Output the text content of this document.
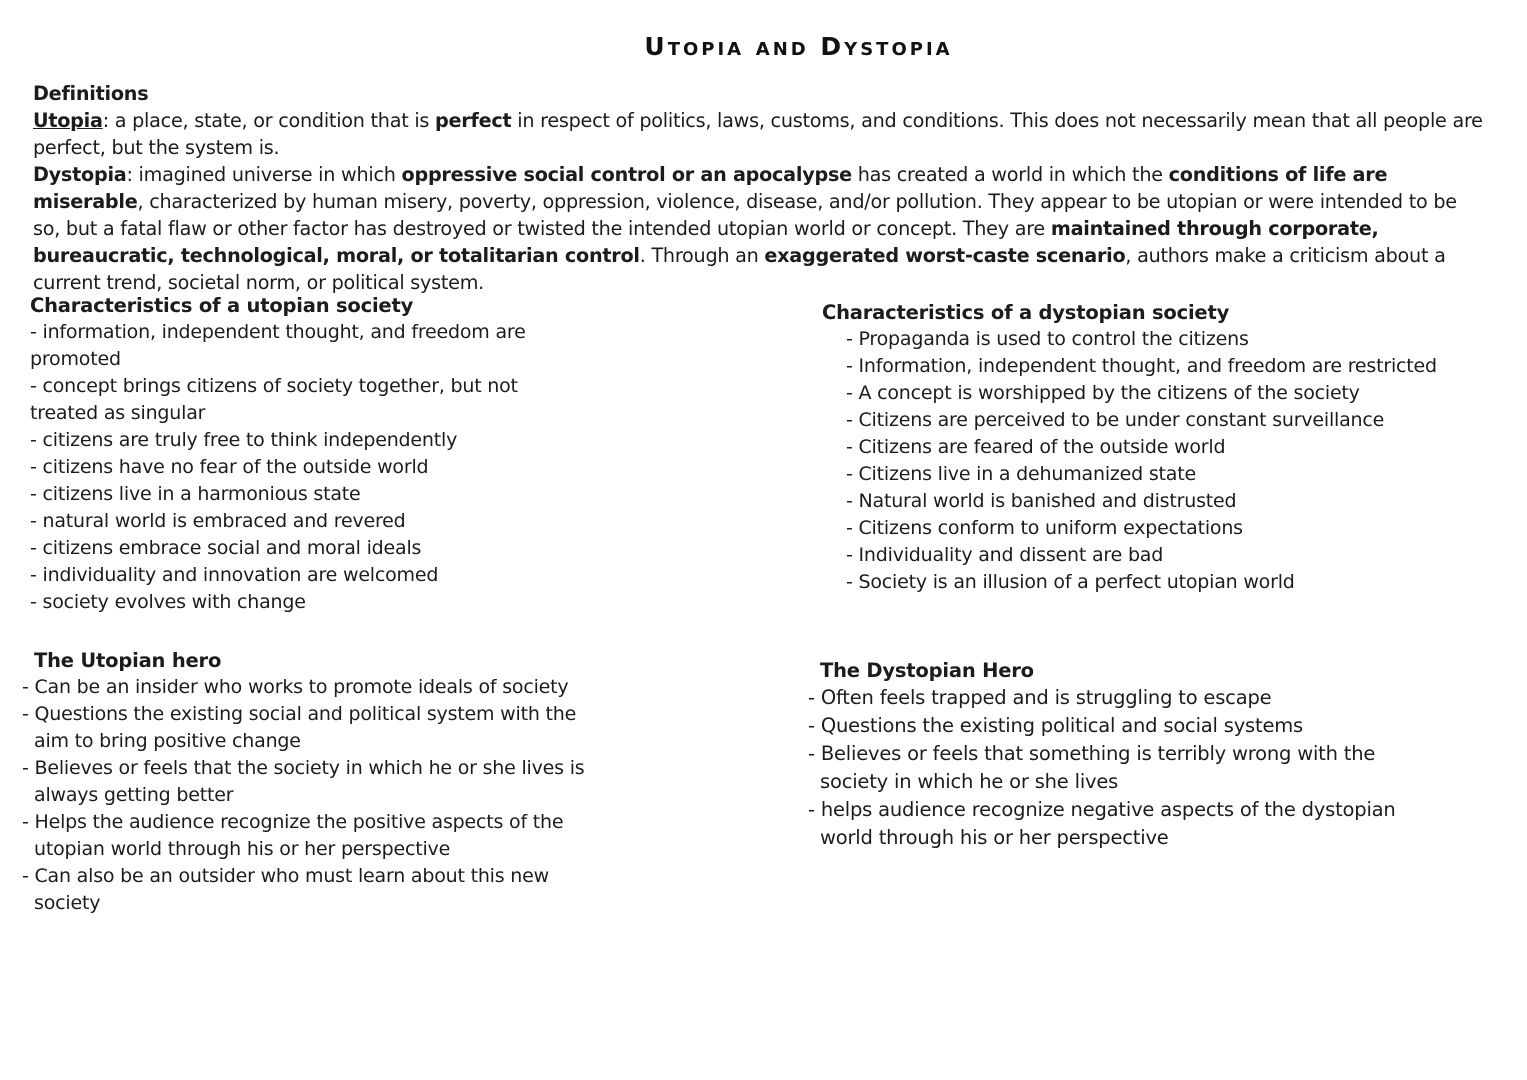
Utopia and Dystopia

Definitions

Utopia: a place, state, or condition that is perfect in respect of politics, laws, customs, and conditions. This does not necessarily mean that all people are perfect, but the system is.

Dystopia: imagined universe in which oppressive social control or an apocalypse has created a world in which the conditions of life are miserable, characterized by human misery, poverty, oppression, violence, disease, and/or pollution. They appear to be utopian or were intended to be so, but a fatal flaw or other factor has destroyed or twisted the intended utopian world or concept. They are maintained through corporate, bureaucratic, technological, moral, or totalitarian control. Through an exaggerated worst-caste scenario, authors make a criticism about a current trend, societal norm, or political system.

Characteristics of a utopian society
- information, independent thought, and freedom are promoted
- concept brings citizens of society together, but not treated as singular
- citizens are truly free to think independently
- citizens have no fear of the outside world
- citizens live in a harmonious state
- natural world is embraced and revered
- citizens embrace social and moral ideals
- individuality and innovation are welcomed
- society evolves with change
Characteristics of a dystopian society
- Propaganda is used to control the citizens
- Information, independent thought, and freedom are restricted
- A concept is worshipped by the citizens of the society
- Citizens are perceived to be under constant surveillance
- Citizens are feared of the outside world
- Citizens live in a dehumanized state
- Natural world is banished and distrusted
- Citizens conform to uniform expectations
- Individuality and dissent are bad
- Society is an illusion of a perfect utopian world
The Utopian hero
- Can be an insider who works to promote ideals of society
- Questions the existing social and political system with the aim to bring positive change
- Believes or feels that the society in which he or she lives is always getting better
- Helps the audience recognize the positive aspects of the utopian world through his or her perspective
- Can also be an outsider who must learn about this new society
The Dystopian Hero
- Often feels trapped and is struggling to escape
- Questions the existing political and social systems
- Believes or feels that something is terribly wrong with the society in which he or she lives
- helps audience recognize negative aspects of the dystopian world through his or her perspective
